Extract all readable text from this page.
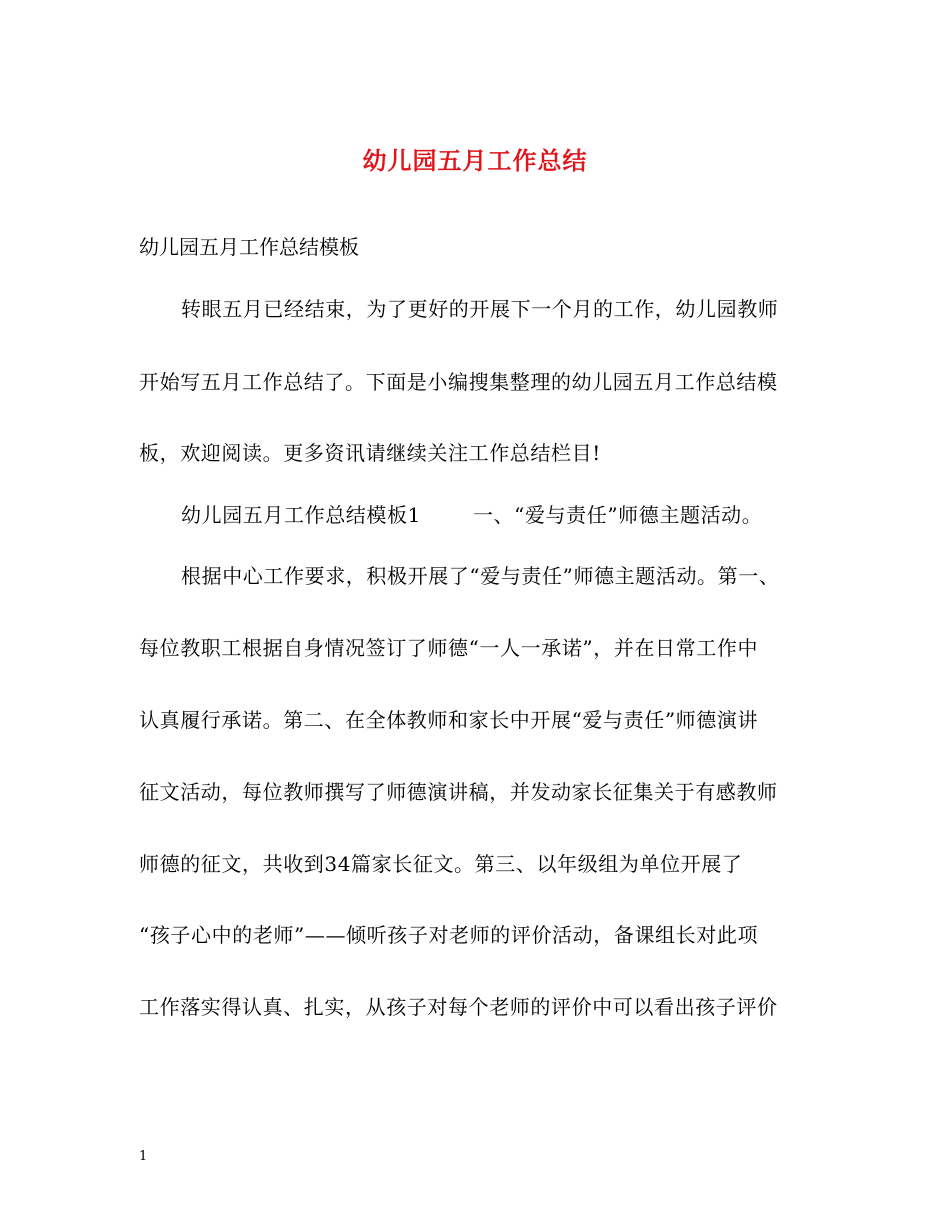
幼儿园五月工作总结
幼儿园五月工作总结模板
转眼五月已经结束，为了更好的开展下一个月的工作，幼儿园教师
开始写五月工作总结了。下面是小编搜集整理的幼儿园五月工作总结模
板，欢迎阅读。更多资讯请继续关注工作总结栏目!
幼儿园五月工作总结模板1	一、“爱与责任”师德主题活动。
根据中心工作要求，积极开展了“爱与责任”师德主题活动。第一、
每位教职工根据自身情况签订了师德“一人一承诺”，并在日常工作中
认真履行承诺。第二、在全体教师和家长中开展“爱与责任”师德演讲
征文活动，每位教师撰写了师德演讲稿，并发动家长征集关于有感教师
师德的征文，共收到34篇家长征文。第三、以年级组为单位开展了
“孩子心中的老师”——倾听孩子对老师的评价活动，备课组长对此项
工作落实得认真、扎实，从孩子对每个老师的评价中可以看出孩子评价
1
